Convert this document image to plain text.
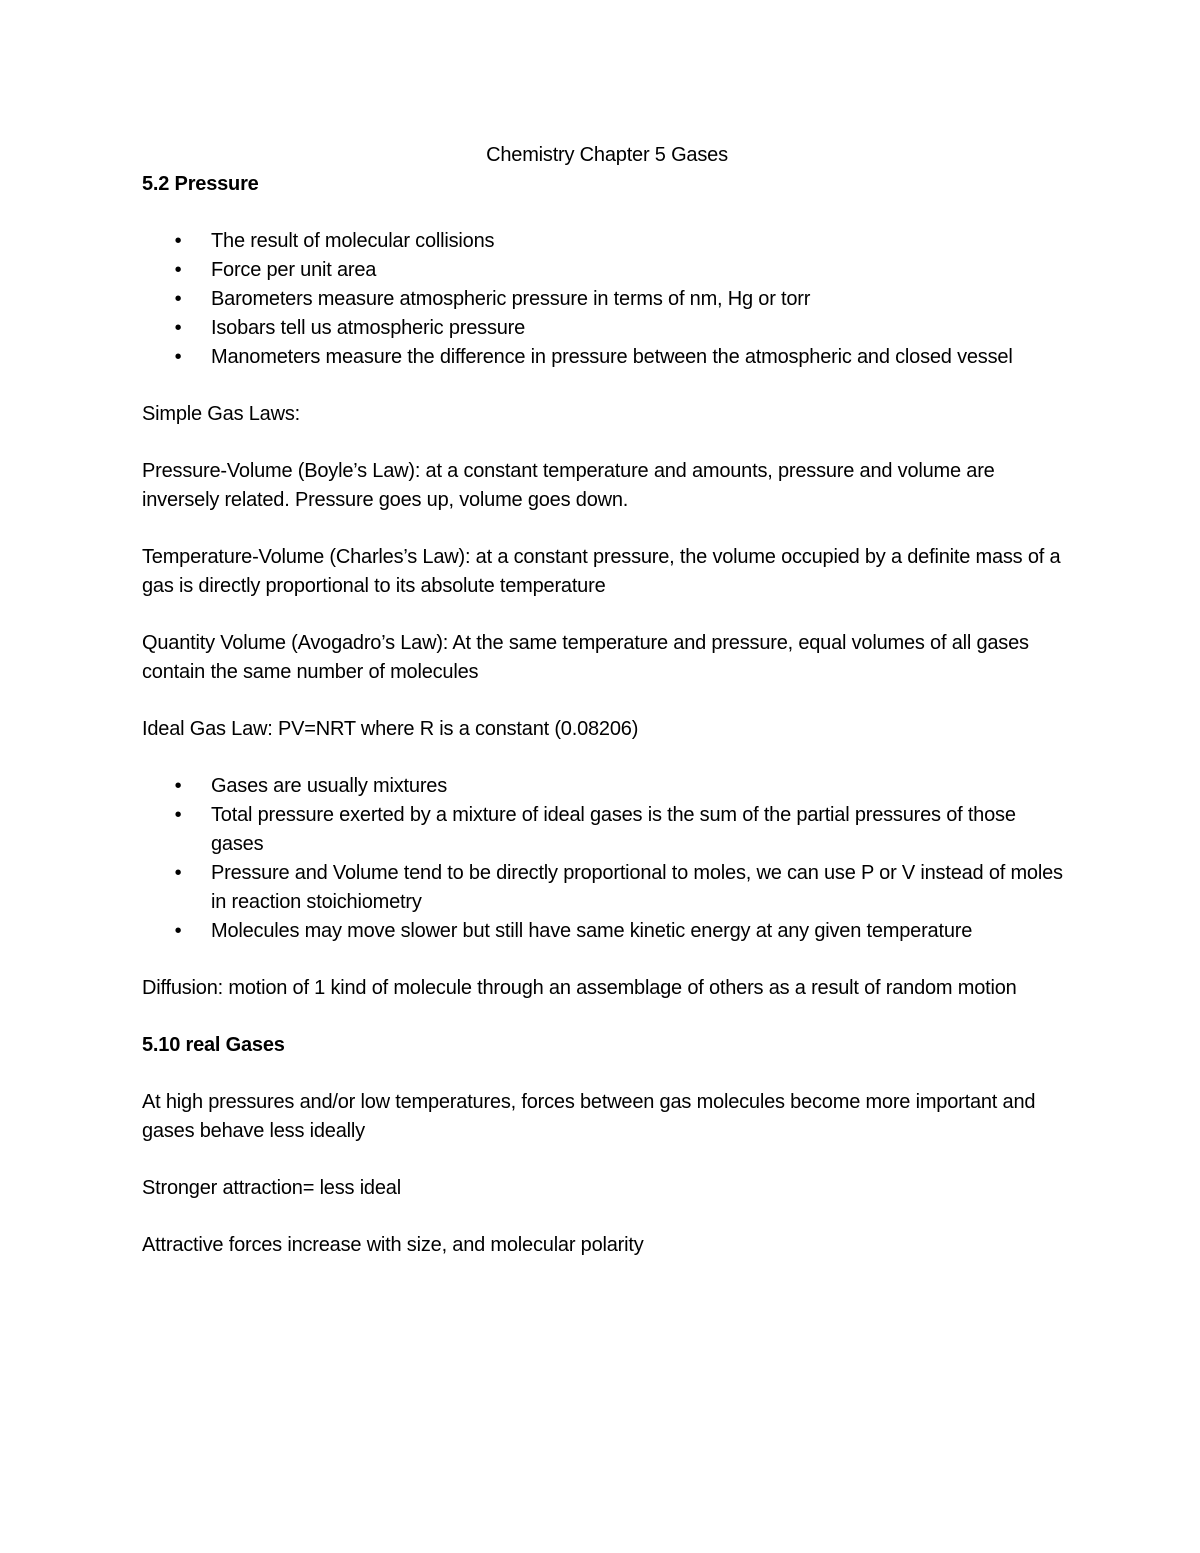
Chemistry Chapter 5 Gases

5.2 Pressure

• The result of molecular collisions
• Force per unit area
• Barometers measure atmospheric pressure in terms of nm, Hg or torr
• Isobars tell us atmospheric pressure
• Manometers measure the difference in pressure between the atmospheric and closed vessel

Simple Gas Laws:

Pressure-Volume (Boyle’s Law): at a constant temperature and amounts, pressure and volume are inversely related. Pressure goes up, volume goes down.

Temperature-Volume (Charles’s Law): at a constant pressure, the volume occupied by a definite mass of a gas is directly proportional to its absolute temperature

Quantity Volume (Avogadro’s Law): At the same temperature and pressure, equal volumes of all gases contain the same number of molecules

Ideal Gas Law: PV=NRT where R is a constant (0.08206)

• Gases are usually mixtures
• Total pressure exerted by a mixture of ideal gases is the sum of the partial pressures of those gases
• Pressure and Volume tend to be directly proportional to moles, we can use P or V instead of moles in reaction stoichiometry
• Molecules may move slower but still have same kinetic energy at any given temperature

Diffusion: motion of 1 kind of molecule through an assemblage of others as a result of random motion

5.10 real Gases

At high pressures and/or low temperatures, forces between gas molecules become more important and gases behave less ideally

Stronger attraction= less ideal

Attractive forces increase with size, and molecular polarity
